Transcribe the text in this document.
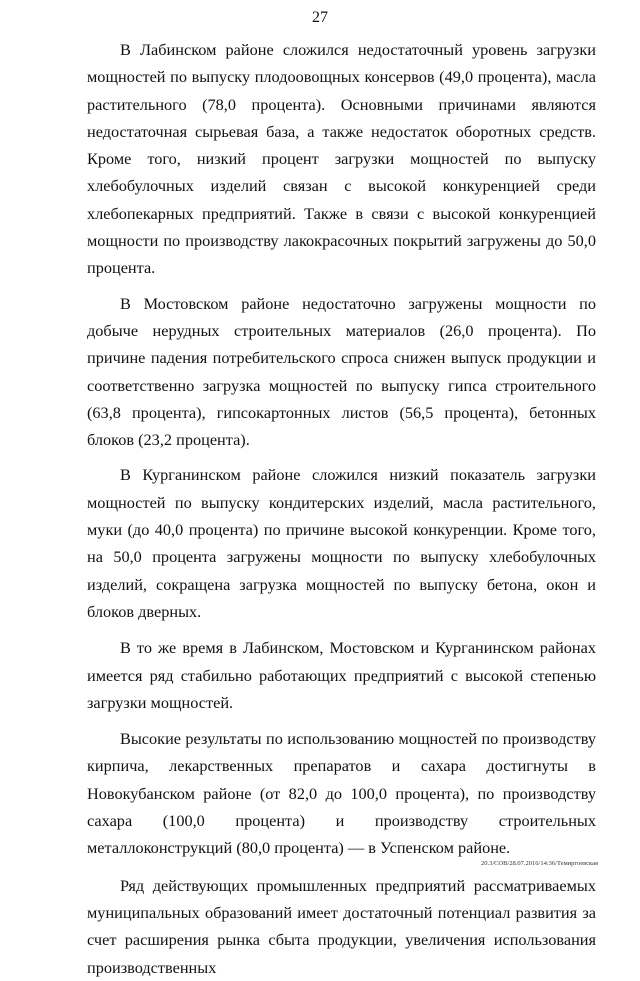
27

В Лабинском районе сложился недостаточный уровень загрузки мощностей по выпуску плодоовощных консервов (49,0 процента), масла растительного (78,0 процента). Основными причинами являются недостаточная сырьевая база, а также недостаток оборотных средств. Кроме того, низкий процент загрузки мощностей по выпуску хлебобулочных изделий связан с высокой конкуренцией среди хлебопекарных предприятий. Также в связи с высокой конкуренцией мощности по производству лакокрасочных покрытий загружены до 50,0 процента.

В Мостовском районе недостаточно загружены мощности по добыче нерудных строительных материалов (26,0 процента). По причине падения потребительского спроса снижен выпуск продукции и соответственно загрузка мощностей по выпуску гипса строительного (63,8 процента), гипсокартонных листов (56,5 процента), бетонных блоков (23,2 процента).

В Курганинском районе сложился низкий показатель загрузки мощностей по выпуску кондитерских изделий, масла растительного, муки (до 40,0 процента) по причине высокой конкуренции. Кроме того, на 50,0 процента загружены мощности по выпуску хлебобулочных изделий, сокращена загрузка мощностей по выпуску бетона, окон и блоков дверных.

В то же время в Лабинском, Мостовском и Курганинском районах имеется ряд стабильно работающих предприятий с высокой степенью загрузки мощностей.

Высокие результаты по использованию мощностей по производству кирпича, лекарственных препаратов и сахара достигнуты в Новокубанском районе (от 82,0 до 100,0 процента), по производству сахара (100,0 процента) и производству строительных металлоконструкций (80,0 процента) — в Успенском районе.

Ряд действующих промышленных предприятий рассматриваемых муниципальных образований имеет достаточный потенциал развития за счет расширения рынка сбыта продукции, увеличения использования производственных

20.3/СОВ/28.07.2016/14:36/Темиргоевская
